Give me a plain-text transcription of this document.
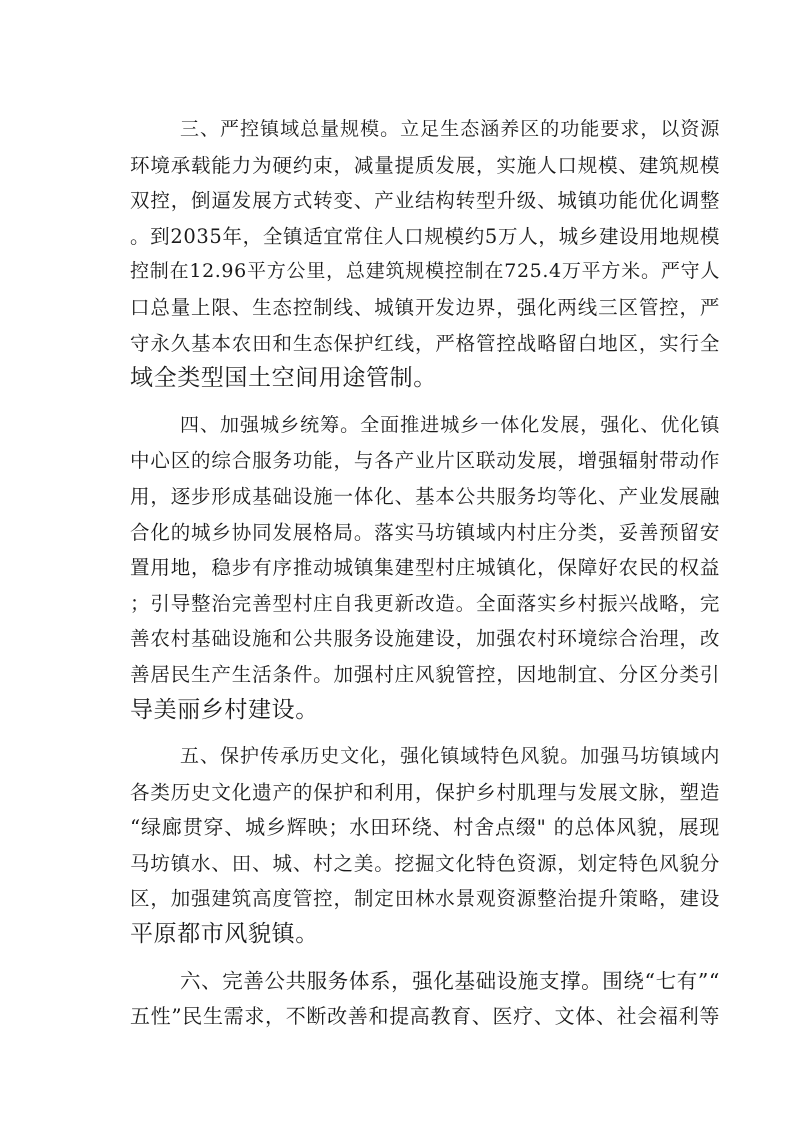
三、严控镇域总量规模。立足生态涵养区的功能要求，以资源
环境承载能力为硬约束，减量提质发展，实施人口规模、建筑规模
双控，倒逼发展方式转变、产业结构转型升级、城镇功能优化调整
。到2035年，全镇适宜常住人口规模约5万人，城乡建设用地规模
控制在12.96平方公里，总建筑规模控制在725.4万平方米。严守人
口总量上限、生态控制线、城镇开发边界，强化两线三区管控，严
守永久基本农田和生态保护红线，严格管控战略留白地区，实行全
域全类型国土空间用途管制。
四、加强城乡统筹。全面推进城乡一体化发展，强化、优化镇
中心区的综合服务功能，与各产业片区联动发展，增强辐射带动作
用，逐步形成基础设施一体化、基本公共服务均等化、产业发展融
合化的城乡协同发展格局。落实马坊镇域内村庄分类，妥善预留安
置用地，稳步有序推动城镇集建型村庄城镇化，保障好农民的权益
；引导整治完善型村庄自我更新改造。全面落实乡村振兴战略，完
善农村基础设施和公共服务设施建设，加强农村环境综合治理，改
善居民生产生活条件。加强村庄风貌管控，因地制宜、分区分类引
导美丽乡村建设。
五、保护传承历史文化，强化镇域特色风貌。加强马坊镇域内
各类历史文化遗产的保护和利用，保护乡村肌理与发展文脉，塑造
“绿廊贯穿、城乡辉映；水田环绕、村舍点缀" 的总体风貌，展现
马坊镇水、田、城、村之美。挖掘文化特色资源，划定特色风貌分
区，加强建筑高度管控，制定田林水景观资源整治提升策略，建设
平原都市风貌镇。
六、完善公共服务体系，强化基础设施支撑。围绕“七有”“
五性”民生需求，不断改善和提高教育、医疗、文体、社会福利等
